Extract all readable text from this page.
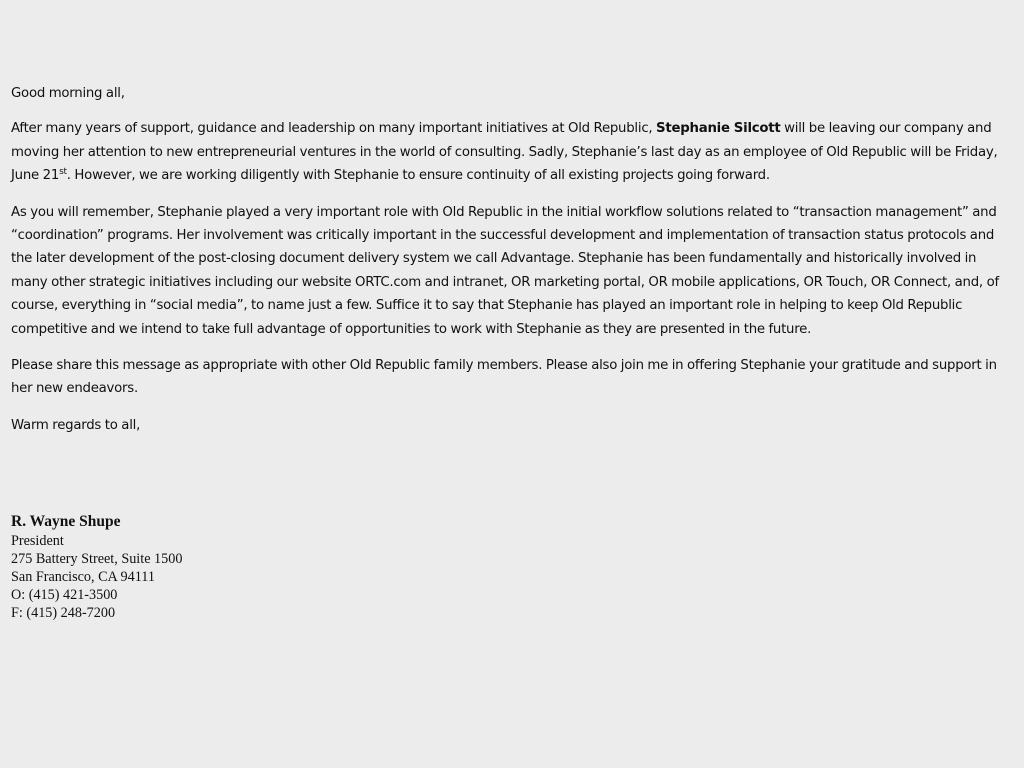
Good morning all,

After many years of support, guidance and leadership on many important initiatives at Old Republic, Stephanie Silcott will be leaving our company and moving her attention to new entrepreneurial ventures in the world of consulting. Sadly, Stephanie’s last day as an employee of Old Republic will be Friday, June 21st. However, we are working diligently with Stephanie to ensure continuity of all existing projects going forward.

As you will remember, Stephanie played a very important role with Old Republic in the initial workflow solutions related to “transaction management” and “coordination” programs. Her involvement was critically important in the successful development and implementation of transaction status protocols and the later development of the post-closing document delivery system we call Advantage. Stephanie has been fundamentally and historically involved in many other strategic initiatives including our website ORTC.com and intranet, OR marketing portal, OR mobile applications, OR Touch, OR Connect, and, of course, everything in “social media”, to name just a few. Suffice it to say that Stephanie has played an important role in helping to keep Old Republic competitive and we intend to take full advantage of opportunities to work with Stephanie as they are presented in the future.

Please share this message as appropriate with other Old Republic family members. Please also join me in offering Stephanie your gratitude and support in her new endeavors.

Warm regards to all,

R. Wayne Shupe
President
275 Battery Street, Suite 1500
San Francisco, CA 94111
O: (415) 421-3500
F: (415) 248-7200
